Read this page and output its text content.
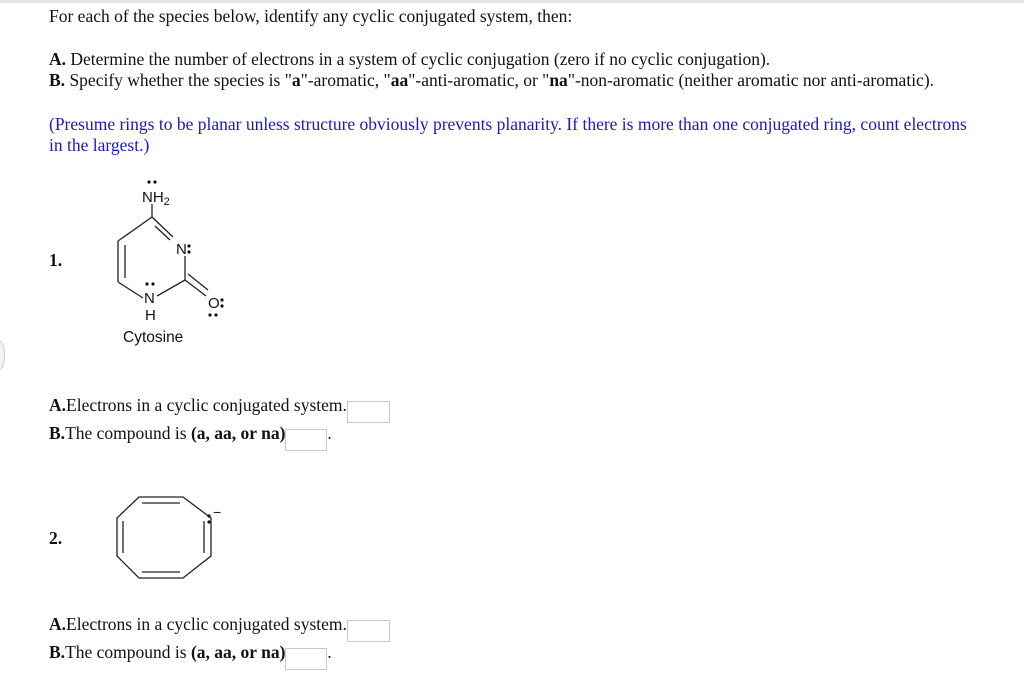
For each of the species below, identify any cyclic conjugated system, then:
A. Determine the number of electrons in a system of cyclic conjugation (zero if no cyclic conjugation).
B. Specify whether the species is "a"-aromatic, "aa"-anti-aromatic, or "na"-non-aromatic (neither aromatic nor anti-aromatic).
(Presume rings to be planar unless structure obviously prevents planarity. If there is more than one conjugated ring, count electrons in the largest.)
1.
$NH_2$
N
N
H
O
Cytosine
A.Electrons in a cyclic conjugated system.
B.The compound is (a, aa, or na) .
2.
−
A.Electrons in a cyclic conjugated system.
B.The compound is (a, aa, or na) .
